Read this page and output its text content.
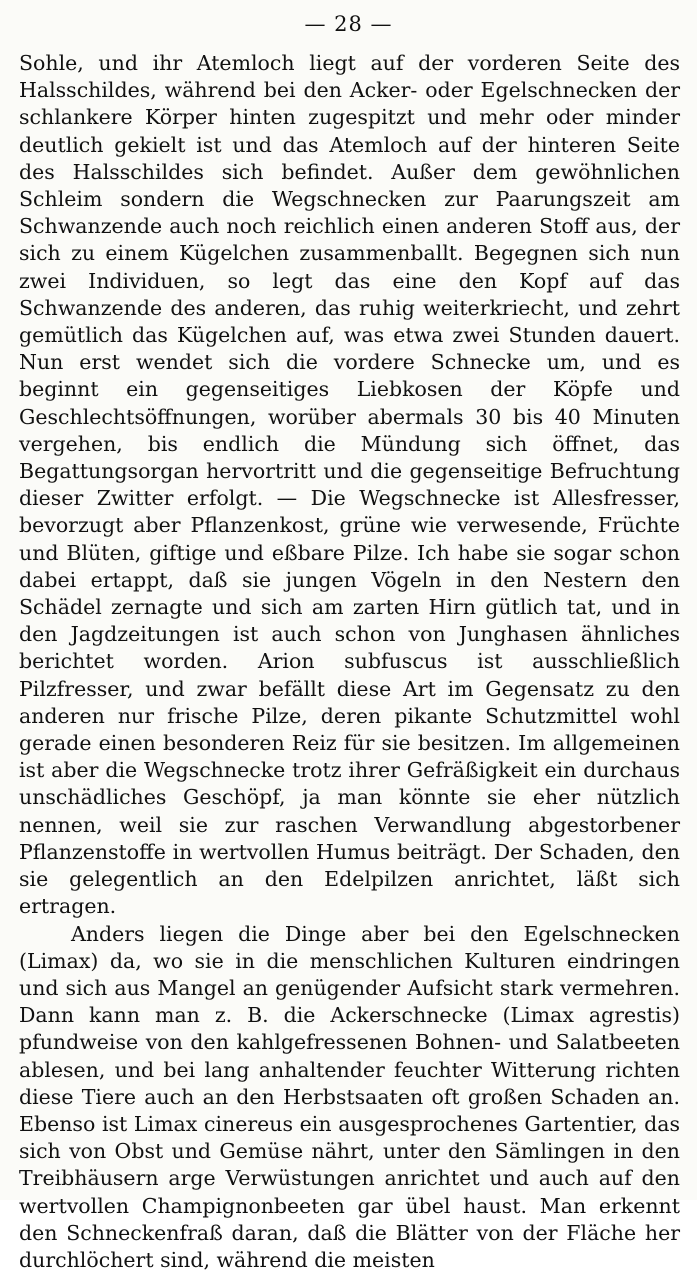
— 28 —

Sohle, und ihr Atemloch liegt auf der vorderen Seite des Halsschildes, während bei den Acker- oder Egelschnecken der schlankere Körper hinten zugespitzt und mehr oder minder deutlich gekielt ist und das Atemloch auf der hinteren Seite des Halsschildes sich befindet. Außer dem gewöhnlichen Schleim sondern die Wegschnecken zur Paarungszeit am Schwanzende auch noch reichlich einen anderen Stoff aus, der sich zu einem Kügelchen zusammenballt. Begegnen sich nun zwei Individuen, so legt das eine den Kopf auf das Schwanzende des anderen, das ruhig weiterkriecht, und zehrt gemütlich das Kügelchen auf, was etwa zwei Stunden dauert. Nun erst wendet sich die vordere Schnecke um, und es beginnt ein gegenseitiges Liebkosen der Köpfe und Geschlechtsöffnungen, worüber abermals 30 bis 40 Minuten vergehen, bis endlich die Mündung sich öffnet, das Begattungsorgan hervortritt und die gegenseitige Befruchtung dieser Zwitter erfolgt. — Die Wegschnecke ist Allesfresser, bevorzugt aber Pflanzenkost, grüne wie verwesende, Früchte und Blüten, giftige und eßbare Pilze. Ich habe sie sogar schon dabei ertappt, daß sie jungen Vögeln in den Nestern den Schädel zernagte und sich am zarten Hirn gütlich tat, und in den Jagdzeitungen ist auch schon von Junghasen ähnliches berichtet worden. Arion subfuscus ist ausschließlich Pilzfresser, und zwar befällt diese Art im Gegensatz zu den anderen nur frische Pilze, deren pikante Schutzmittel wohl gerade einen besonderen Reiz für sie besitzen. Im allgemeinen ist aber die Wegschnecke trotz ihrer Gefräßigkeit ein durchaus unschädliches Geschöpf, ja man könnte sie eher nützlich nennen, weil sie zur raschen Verwandlung abgestorbener Pflanzenstoffe in wertvollen Humus beiträgt. Der Schaden, den sie gelegentlich an den Edelpilzen anrichtet, läßt sich ertragen.

Anders liegen die Dinge aber bei den Egelschnecken (Limax) da, wo sie in die menschlichen Kulturen eindringen und sich aus Mangel an genügender Aufsicht stark vermehren. Dann kann man z. B. die Ackerschnecke (Limax agrestis) pfundweise von den kahlgefressenen Bohnen- und Salatbeeten ablesen, und bei lang anhaltender feuchter Witterung richten diese Tiere auch an den Herbstsaaten oft großen Schaden an. Ebenso ist Limax cinereus ein ausgesprochenes Gartentier, das sich von Obst und Gemüse nährt, unter den Sämlingen in den Treibhäusern arge Verwüstungen anrichtet und auch auf den wertvollen Champignonbeeten gar übel haust. Man erkennt den Schneckenfraß daran, daß die Blätter von der Fläche her durchlöchert sind, während die meisten
